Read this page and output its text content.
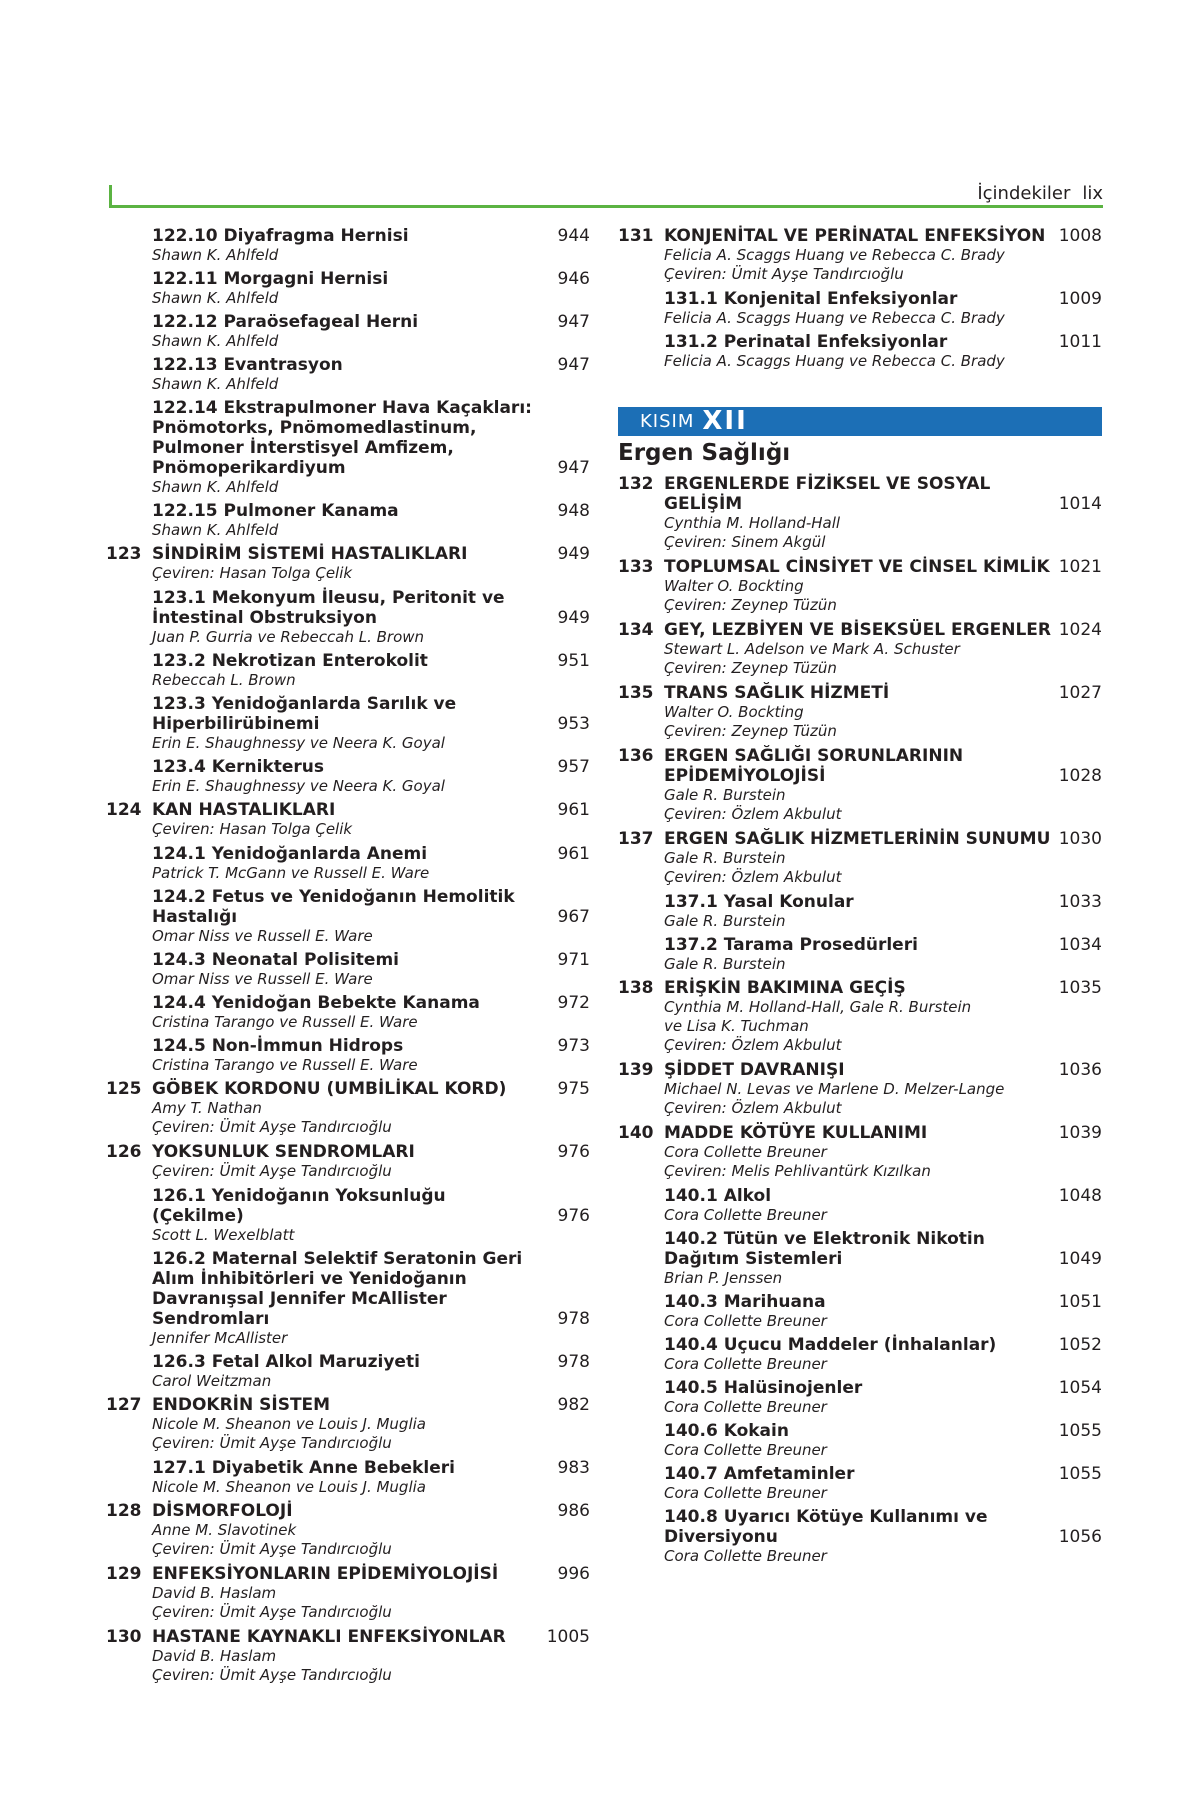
İçindekiler lix
122.10 Diyafragma Hernisi	944
Shawn K. Ahlfeld
122.11 Morgagni Hernisi	946
Shawn K. Ahlfeld
122.12 Paraösefageal Herni	947
Shawn K. Ahlfeld
122.13 Evantrasyon	947
Shawn K. Ahlfeld
122.14 Ekstrapulmoner Hava Kaçakları: Pnömotorks, Pnömomedlastinum, Pulmoner İnterstisyel Amfizem, Pnömoperikardiyum	947
Shawn K. Ahlfeld
122.15 Pulmoner Kanama	948
Shawn K. Ahlfeld
123 SİNDİRİM SİSTEMİ HASTALIKLARI	949
Çeviren: Hasan Tolga Çelik
123.1 Mekonyum İleusu, Peritonit ve İntestinal Obstruksiyon	949
Juan P. Gurria ve Rebeccah L. Brown
123.2 Nekrotizan Enterokolit	951
Rebeccah L. Brown
123.3 Yenidoğanlarda Sarılık ve Hiperbilirübinemi	953
Erin E. Shaughnessy ve Neera K. Goyal
123.4 Kernikterus	957
Erin E. Shaughnessy ve Neera K. Goyal
124 KAN HASTALIKLARI	961
Çeviren: Hasan Tolga Çelik
124.1 Yenidoğanlarda Anemi	961
Patrick T. McGann ve Russell E. Ware
124.2 Fetus ve Yenidoğanın Hemolitik Hastalığı	967
Omar Niss ve Russell E. Ware
124.3 Neonatal Polisitemi	971
Omar Niss ve Russell E. Ware
124.4 Yenidoğan Bebekte Kanama	972
Cristina Tarango ve Russell E. Ware
124.5 Non-İmmun Hidrops	973
Cristina Tarango ve Russell E. Ware
125 GÖBEK KORDONU (UMBİLİKAL KORD)	975
Amy T. Nathan
Çeviren: Ümit Ayşe Tandırcıoğlu
126 YOKSUNLUK SENDROMLARI	976
Çeviren: Ümit Ayşe Tandırcıoğlu
126.1 Yenidoğanın Yoksunluğu (Çekilme)	976
Scott L. Wexelblatt
126.2 Maternal Selektif Seratonin Geri Alım İnhibitörleri ve Yenidoğanın Davranışsal Jennifer McAllister Sendromları	978
Jennifer McAllister
126.3 Fetal Alkol Maruziyeti	978
Carol Weitzman
127 ENDOKRİN SİSTEM	982
Nicole M. Sheanon ve Louis J. Muglia
Çeviren: Ümit Ayşe Tandırcıoğlu
127.1 Diyabetik Anne Bebekleri	983
Nicole M. Sheanon ve Louis J. Muglia
128 DİSMORFOLOJİ	986
Anne M. Slavotinek
Çeviren: Ümit Ayşe Tandırcıoğlu
129 ENFEKSİYONLARIN EPİDEMİYOLOJİSİ	996
David B. Haslam
Çeviren: Ümit Ayşe Tandırcıoğlu
130 HASTANE KAYNAKLI ENFEKSİYONLAR	1005
David B. Haslam
Çeviren: Ümit Ayşe Tandırcıoğlu
131 KONJENİTAL VE PERİNATAL ENFEKSİYON 1008
Felicia A. Scaggs Huang ve Rebecca C. Brady
Çeviren: Ümit Ayşe Tandırcıoğlu
131.1 Konjenital Enfeksiyonlar	1009
Felicia A. Scaggs Huang ve Rebecca C. Brady
131.2 Perinatal Enfeksiyonlar	1011
Felicia A. Scaggs Huang ve Rebecca C. Brady
KISIM XII
Ergen Sağlığı
132 ERGENLERDE FİZİKSEL VE SOSYAL GELİŞİM	1014
Cynthia M. Holland-Hall
Çeviren: Sinem Akgül
133 TOPLUMSAL CİNSİYET VE CİNSEL KİMLİK 1021
Walter O. Bockting
Çeviren: Zeynep Tüzün
134 GEY, LEZBİYEN VE BİSEKSÜEL ERGENLER 1024
Stewart L. Adelson ve Mark A. Schuster
Çeviren: Zeynep Tüzün
135 TRANS SAĞLIK HİZMETİ	1027
Walter O. Bockting
Çeviren: Zeynep Tüzün
136 ERGEN SAĞLIĞI SORUNLARININ EPİDEMİYOLOJİSİ	1028
Gale R. Burstein
Çeviren: Özlem Akbulut
137 ERGEN SAĞLIK HİZMETLERİNİN SUNUMU 1030
Gale R. Burstein
Çeviren: Özlem Akbulut
137.1 Yasal Konular	1033
Gale R. Burstein
137.2 Tarama Prosedürleri	1034
Gale R. Burstein
138 ERİŞKİN BAKIMINA GEÇİŞ	1035
Cynthia M. Holland-Hall, Gale R. Burstein
ve Lisa K. Tuchman
Çeviren: Özlem Akbulut
139 ŞİDDET DAVRANIŞI	1036
Michael N. Levas ve Marlene D. Melzer-Lange
Çeviren: Özlem Akbulut
140 MADDE KÖTÜYE KULLANIMI	1039
Cora Collette Breuner
Çeviren: Melis Pehlivantürk Kızılkan
140.1 Alkol	1048
Cora Collette Breuner
140.2 Tütün ve Elektronik Nikotin Dağıtım Sistemleri	1049
Brian P. Jenssen
140.3 Marihuana	1051
Cora Collette Breuner
140.4 Uçucu Maddeler (İnhalanlar)	1052
Cora Collette Breuner
140.5 Halüsinojenler	1054
Cora Collette Breuner
140.6 Kokain	1055
Cora Collette Breuner
140.7 Amfetaminler	1055
Cora Collette Breuner
140.8 Uyarıcı Kötüye Kullanımı ve Diversiyonu	1056
Cora Collette Breuner
